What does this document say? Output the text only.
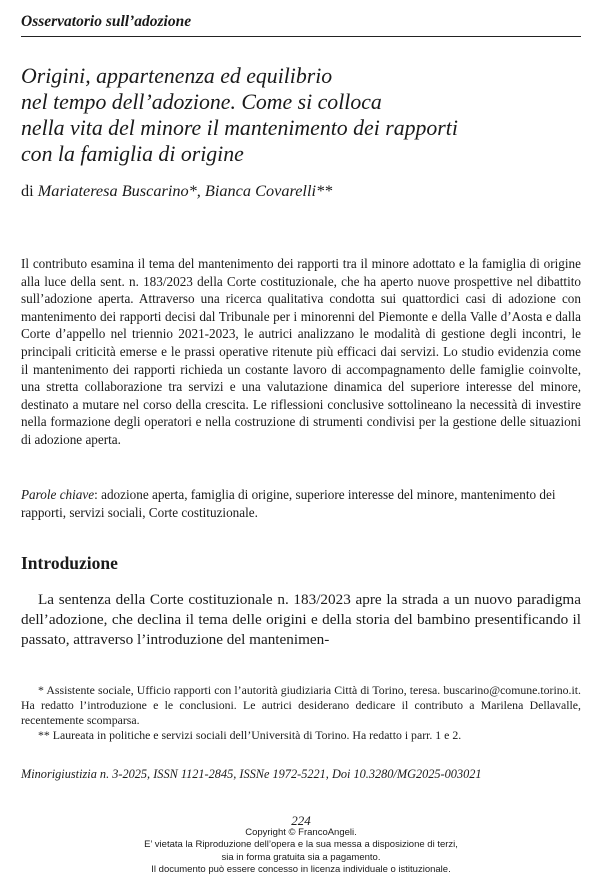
Osservatorio sull’adozione
Origini, appartenenza ed equilibrio
nel tempo dell’adozione. Come si colloca
nella vita del minore il mantenimento dei rapporti
con la famiglia di origine
di Mariateresa Buscarino*, Bianca Covarelli**

Il contributo esamina il tema del mantenimento dei rapporti tra il minore adottato e la famiglia di origine alla luce della sent. n. 183/2023 della Corte costituzionale, che ha aperto nuove prospettive nel dibattito sull’adozione aperta. Attraverso una ricerca qualitativa condotta sui quattordici casi di adozione con mantenimento dei rapporti decisi dal Tribunale per i minorenni del Piemonte e della Valle d’Aosta e dalla Corte d’appello nel triennio 2021-2023, le autrici analizzano le modalità di gestione degli incontri, le principali criticità emerse e le prassi operative ritenute più efficaci dai servizi. Lo studio evidenzia come il mantenimento dei rapporti richieda un costante lavoro di accompagnamento delle famiglie coinvolte, una stretta collaborazione tra servizi e una valutazione dinamica del superiore interesse del minore, destinato a mutare nel corso della crescita. Le riflessioni conclusive sottolineano la necessità di investire nella formazione degli operatori e nella costruzione di strumenti condivisi per la gestione delle situazioni di adozione aperta.

Parole chiave: adozione aperta, famiglia di origine, superiore interesse del minore, mantenimento dei rapporti, servizi sociali, Corte costituzionale.

Introduzione

La sentenza della Corte costituzionale n. 183/2023 apre la strada a un nuovo paradigma dell’adozione, che declina il tema delle origini e della storia del bambino presentificando il passato, attraverso l’introduzione del mantenimen-

* Assistente sociale, Ufficio rapporti con l’autorità giudiziaria Città di Torino, teresa. buscarino@comune.torino.it. Ha redatto l’introduzione e le conclusioni. Le autrici desiderano dedicare il contributo a Marilena Dellavalle, recentemente scomparsa.

** Laureata in politiche e servizi sociali dell’Università di Torino. Ha redatto i parr. 1 e 2.

Minorigiustizia n. 3-2025, ISSN 1121-2845, ISSNe 1972-5221, Doi 10.3280/MG2025-003021
224
Copyright © FrancoAngeli.
E’ vietata la Riproduzione dell’opera e la sua messa a disposizione di terzi,
sia in forma gratuita sia a pagamento.
Il documento può essere concesso in licenza individuale o istituzionale.
